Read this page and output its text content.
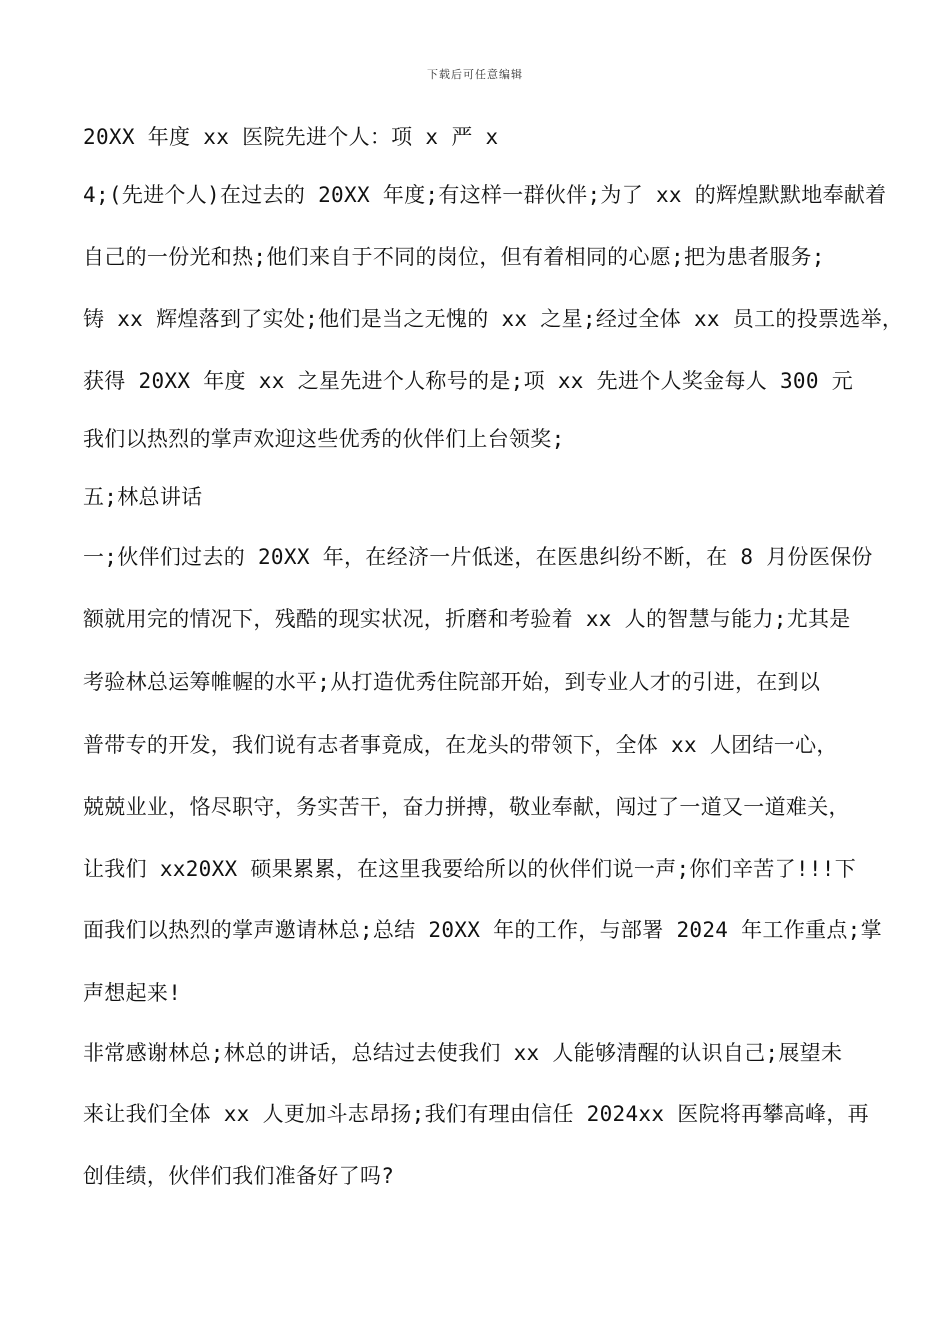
下载后可任意编辑
20XX 年度 xx 医院先进个人：项 x 严 x
4;(先进个人)在过去的 20XX 年度;有这样一群伙伴;为了 xx 的辉煌默默地奉献着
自己的一份光和热;他们来自于不同的岗位，但有着相同的心愿;把为患者服务;
铸 xx 辉煌落到了实处;他们是当之无愧的 xx 之星;经过全体 xx 员工的投票选举，
获得 20XX 年度 xx 之星先进个人称号的是;项 xx 先进个人奖金每人 300 元
我们以热烈的掌声欢迎这些优秀的伙伴们上台领奖;
五;林总讲话
一;伙伴们过去的 20XX 年，在经济一片低迷，在医患纠纷不断，在 8 月份医保份
额就用完的情况下，残酷的现实状况，折磨和考验着 xx 人的智慧与能力;尤其是
考验林总运筹帷幄的水平;从打造优秀住院部开始，到专业人才的引进，在到以
普带专的开发，我们说有志者事竟成，在龙头的带领下，全体 xx 人团结一心，
兢兢业业，恪尽职守，务实苦干，奋力拼搏，敬业奉献，闯过了一道又一道难关，
让我们 xx20XX 硕果累累，在这里我要给所以的伙伴们说一声;你们辛苦了!!!下
面我们以热烈的掌声邀请林总;总结 20XX 年的工作，与部署 2024 年工作重点;掌
声想起来!
非常感谢林总;林总的讲话，总结过去使我们 xx 人能够清醒的认识自己;展望未
来让我们全体 xx 人更加斗志昂扬;我们有理由信任 2024xx 医院将再攀高峰，再
创佳绩，伙伴们我们准备好了吗?
